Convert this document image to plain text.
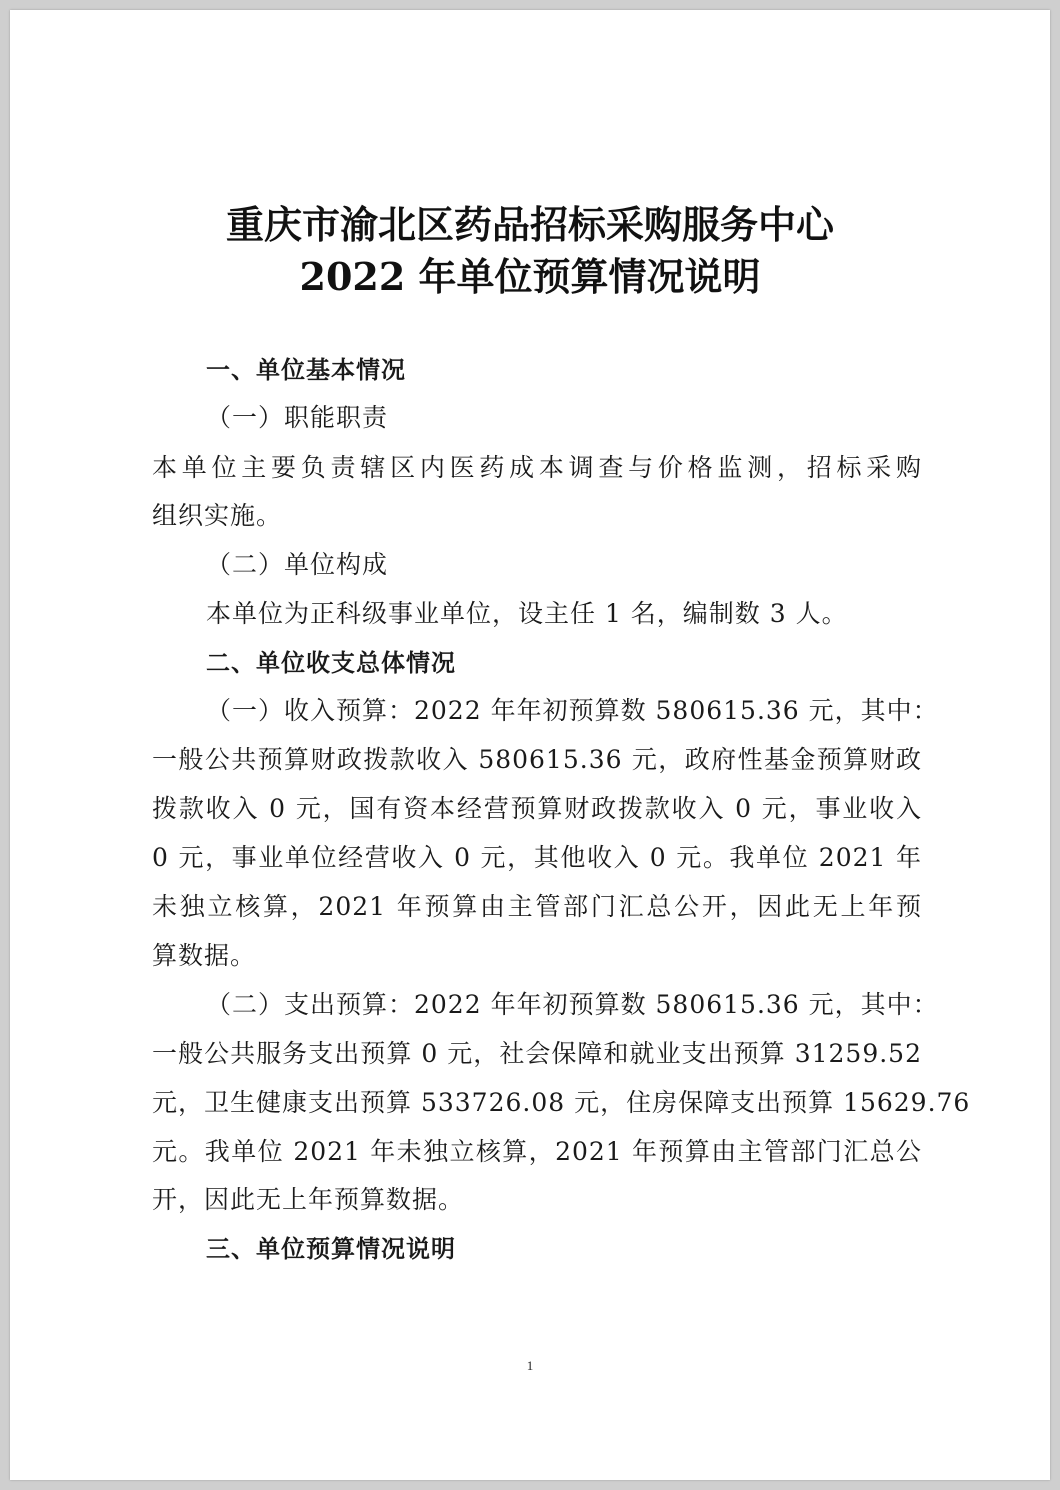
重庆市渝北区药品招标采购服务中心
2022 年单位预算情况说明

一、单位基本情况

（一）职能职责

本单位主要负责辖区内医药成本调查与价格监测，招标采购

组织实施。

（二）单位构成

本单位为正科级事业单位，设主任 1 名，编制数 3 人。

二、单位收支总体情况

（一）收入预算：2022 年年初预算数 580615.36 元，其中：

一般公共预算财政拨款收入 580615.36 元，政府性基金预算财政

拨款收入 0 元，国有资本经营预算财政拨款收入 0 元，事业收入

0 元，事业单位经营收入 0 元，其他收入 0 元。我单位 2021 年

未独立核算，2021 年预算由主管部门汇总公开，因此无上年预

算数据。

（二）支出预算：2022 年年初预算数 580615.36 元，其中：

一般公共服务支出预算 0 元，社会保障和就业支出预算 31259.52

元，卫生健康支出预算 533726.08 元，住房保障支出预算 15629.76

元。我单位 2021 年未独立核算，2021 年预算由主管部门汇总公

开，因此无上年预算数据。

三、单位预算情况说明

1
